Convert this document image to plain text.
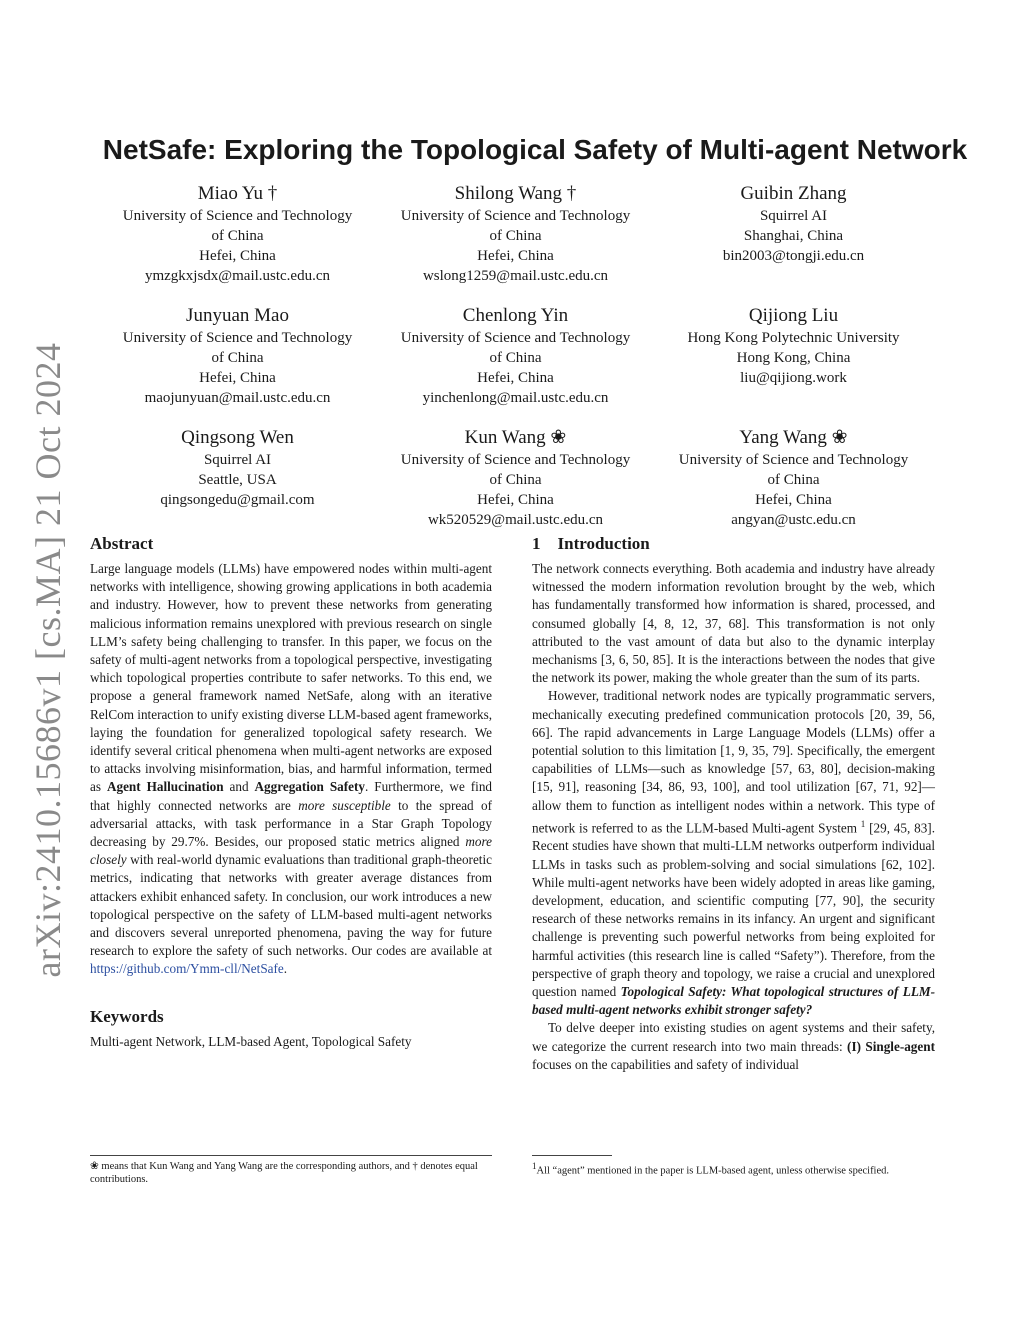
arXiv:2410.15686v1 [cs.MA] 21 Oct 2024
NetSafe: Exploring the Topological Safety of Multi-agent Network
Miao Yu †
University of Science and Technology
of China
Hefei, China
ymzgkxjsdx@mail.ustc.edu.cn
Shilong Wang †
University of Science and Technology
of China
Hefei, China
wslong1259@mail.ustc.edu.cn
Guibin Zhang
Squirrel AI
Shanghai, China
bin2003@tongji.edu.cn
Junyuan Mao
University of Science and Technology
of China
Hefei, China
maojunyuan@mail.ustc.edu.cn
Chenlong Yin
University of Science and Technology
of China
Hefei, China
yinchenlong@mail.ustc.edu.cn
Qijiong Liu
Hong Kong Polytechnic University
Hong Kong, China
liu@qijiong.work
Qingsong Wen
Squirrel AI
Seattle, USA
qingsongedu@gmail.com
Kun Wang ❀
University of Science and Technology
of China
Hefei, China
wk520529@mail.ustc.edu.cn
Yang Wang ❀
University of Science and Technology
of China
Hefei, China
angyan@ustc.edu.cn
Abstract

Large language models (LLMs) have empowered nodes within multi-agent networks with intelligence, showing growing applications in both academia and industry. However, how to prevent these networks from generating malicious information remains unexplored with previous research on single LLM’s safety being challenging to transfer. In this paper, we focus on the safety of multi-agent networks from a topological perspective, investigating which topological properties contribute to safer networks. To this end, we propose a general framework named NetSafe, along with an iterative RelCom interaction to unify existing diverse LLM-based agent frameworks, laying the foundation for generalized topological safety research. We identify several critical phenomena when multi-agent networks are exposed to attacks involving misinformation, bias, and harmful information, termed as Agent Hallucination and Aggregation Safety. Furthermore, we find that highly connected networks are more susceptible to the spread of adversarial attacks, with task performance in a Star Graph Topology decreasing by 29.7%. Besides, our proposed static metrics aligned more closely with real-world dynamic evaluations than traditional graph-theoretic metrics, indicating that networks with greater average distances from attackers exhibit enhanced safety. In conclusion, our work introduces a new topological perspective on the safety of LLM-based multi-agent networks and discovers several unreported phenomena, paving the way for future research to explore the safety of such networks. Our codes are available at https://github.com/Ymm-cll/NetSafe.

Keywords

Multi-agent Network, LLM-based Agent, Topological Safety

1    Introduction

The network connects everything. Both academia and industry have already witnessed the modern information revolution brought by the web, which has fundamentally transformed how information is shared, processed, and consumed globally [4, 8, 12, 37, 68]. This transformation is not only attributed to the vast amount of data but also to the dynamic interplay mechanisms [3, 6, 50, 85]. It is the interactions between the nodes that give the network its power, making the whole greater than the sum of its parts.

However, traditional network nodes are typically programmatic servers, mechanically executing predefined communication protocols [20, 39, 56, 66]. The rapid advancements in Large Language Models (LLMs) offer a potential solution to this limitation [1, 9, 35, 79]. Specifically, the emergent capabilities of LLMs—such as knowledge [57, 63, 80], decision-making [15, 91], reasoning [34, 86, 93, 100], and tool utilization [67, 71, 92]—allow them to function as intelligent nodes within a network. This type of network is referred to as the LLM-based Multi-agent System $^1$ [29, 45, 83]. Recent studies have shown that multi-LLM networks outperform individual LLMs in tasks such as problem-solving and social simulations [62, 102]. While multi-agent networks have been widely adopted in areas like gaming, development, education, and scientific computing [77, 90], the security research of these networks remains in its infancy. An urgent and significant challenge is preventing such powerful networks from being exploited for harmful activities (this research line is called “Safety”). Therefore, from the perspective of graph theory and topology, we raise a crucial and unexplored question named Topological Safety: What topological structures of LLM-based multi-agent networks exhibit stronger safety?

To delve deeper into existing studies on agent systems and their safety, we categorize the current research into two main threads: (I) Single-agent focuses on the capabilities and safety of individual

❀ means that Kun Wang and Yang Wang are the corresponding authors, and † denotes equal contributions.
$^1$All “agent” mentioned in the paper is LLM-based agent, unless otherwise specified.
